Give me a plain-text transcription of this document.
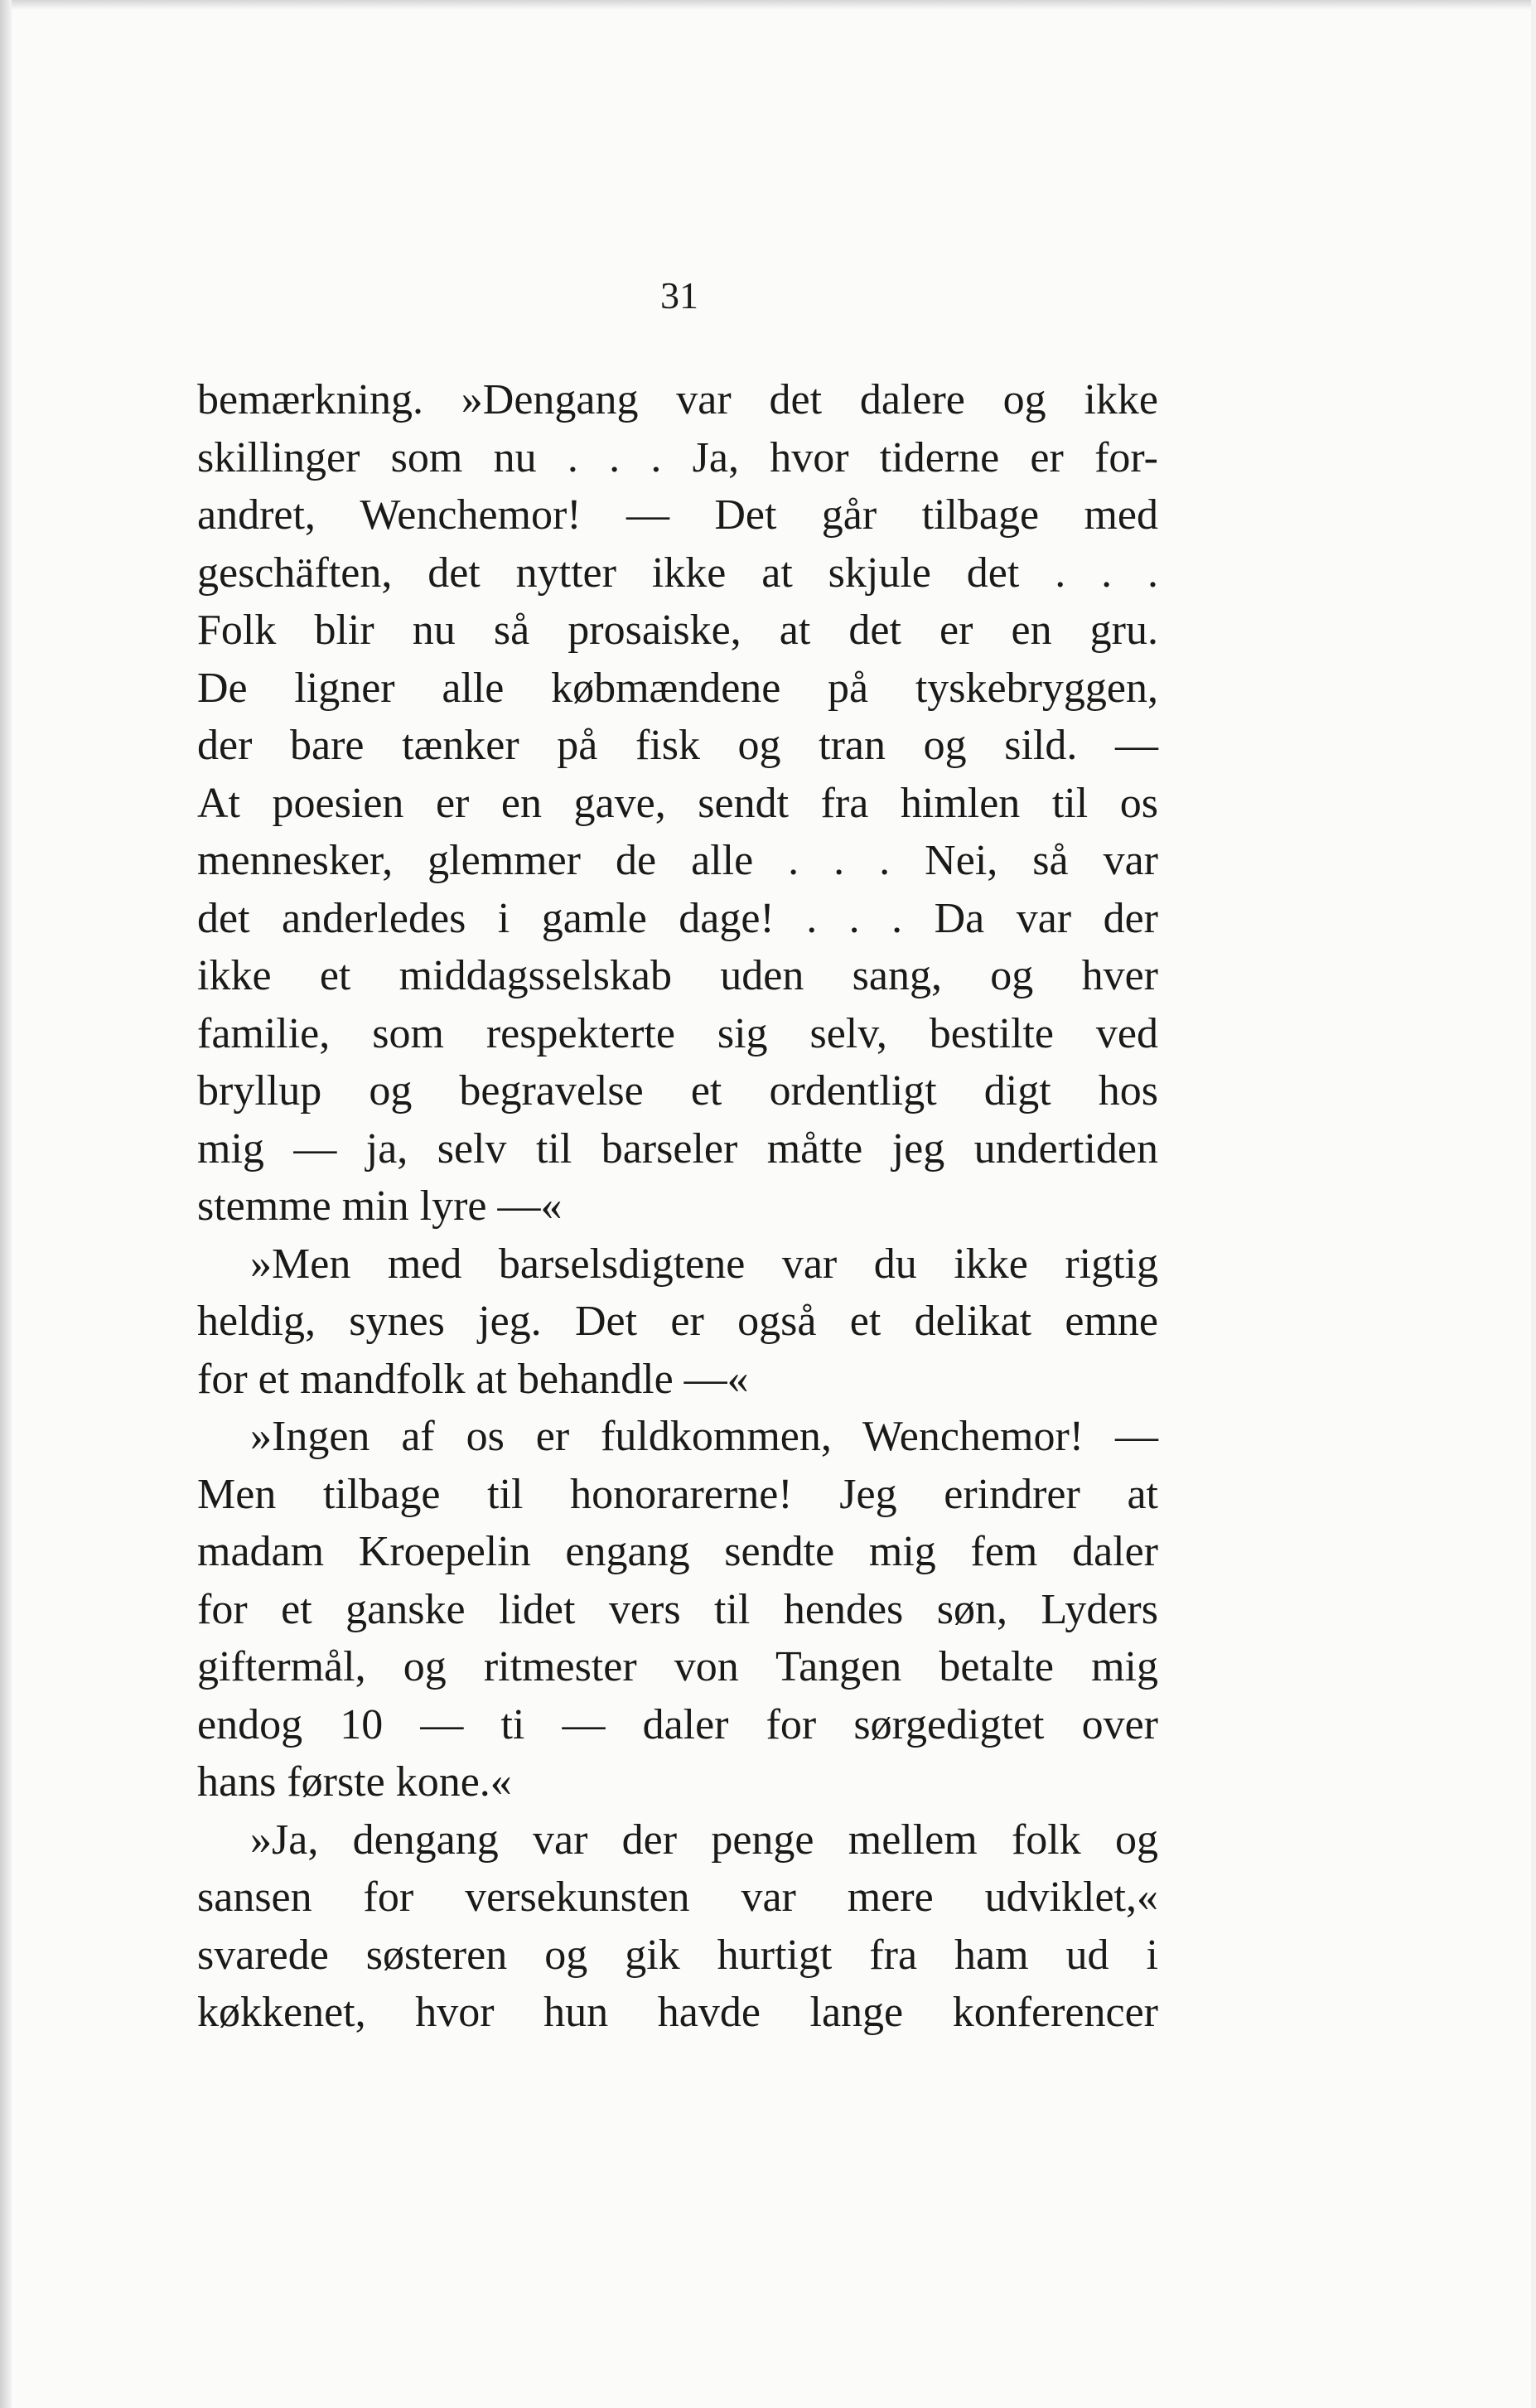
31
bemærkning. »Dengang var det dalere og ikke
skillinger som nu . . . Ja, hvor tiderne er for-
andret, Wenchemor! — Det går tilbage med
geschäften, det nytter ikke at skjule det . . .
Folk blir nu så prosaiske, at det er en gru.
De ligner alle købmændene på tyskebryggen,
der bare tænker på fisk og tran og sild. —
At poesien er en gave, sendt fra himlen til os
mennesker, glemmer de alle . . . Nei, så var
det anderledes i gamle dage! . . . Da var der
ikke et middagsselskab uden sang, og hver
familie, som respekterte sig selv, bestilte ved
bryllup og begravelse et ordentligt digt hos
mig — ja, selv til barseler måtte jeg undertiden
stemme min lyre —«
»Men med barselsdigtene var du ikke rigtig
heldig, synes jeg. Det er også et delikat emne
for et mandfolk at behandle —«
»Ingen af os er fuldkommen, Wenchemor! —
Men tilbage til honorarerne! Jeg erindrer at
madam Kroepelin engang sendte mig fem daler
for et ganske lidet vers til hendes søn, Lyders
giftermål, og ritmester von Tangen betalte mig
endog 10 — ti — daler for sørgedigtet over
hans første kone.«
»Ja, dengang var der penge mellem folk og
sansen for versekunsten var mere udviklet,«
svarede søsteren og gik hurtigt fra ham ud i
køkkenet, hvor hun havde lange konferencer
